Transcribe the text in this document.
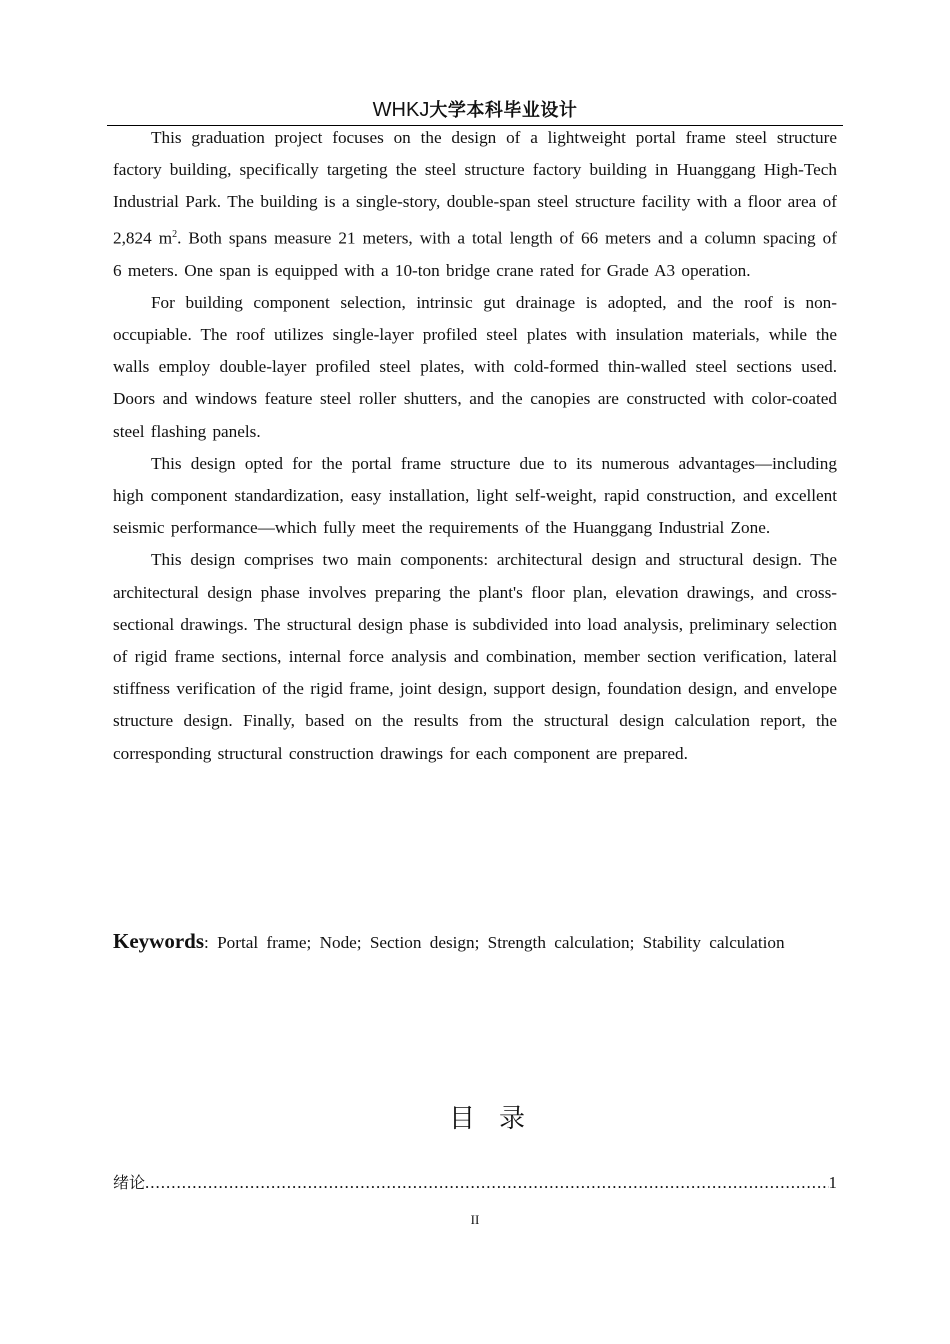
WHKJ大学本科毕业设计

This graduation project focuses on the design of a lightweight portal frame steel structure factory building, specifically targeting the steel structure factory building in Huanggang High-Tech Industrial Park. The building is a single-story, double-span steel structure facility with a floor area of 2,824 $m^2$. Both spans measure 21 meters, with a total length of 66 meters and a column spacing of 6 meters. One span is equipped with a 10-ton bridge crane rated for Grade A3 operation.

For building component selection, intrinsic gut drainage is adopted, and the roof is non-occupiable. The roof utilizes single-layer profiled steel plates with insulation materials, while the walls employ double-layer profiled steel plates, with cold-formed thin-walled steel sections used. Doors and windows feature steel roller shutters, and the canopies are constructed with color-coated steel flashing panels.

This design opted for the portal frame structure due to its numerous advantages—including high component standardization, easy installation, light self-weight, rapid construction, and excellent seismic performance—which fully meet the requirements of the Huanggang Industrial Zone.

This design comprises two main components: architectural design and structural design. The architectural design phase involves preparing the plant's floor plan, elevation drawings, and cross-sectional drawings. The structural design phase is subdivided into load analysis, preliminary selection of rigid frame sections, internal force analysis and combination, member section verification, lateral stiffness verification of the rigid frame, joint design, support design, foundation design, and envelope structure design. Finally, based on the results from the structural design calculation report, the corresponding structural construction drawings for each component are prepared.

Keywords: Portal frame; Node; Section design; Strength calculation; Stability calculation
目录
绪论
.....	1
II
